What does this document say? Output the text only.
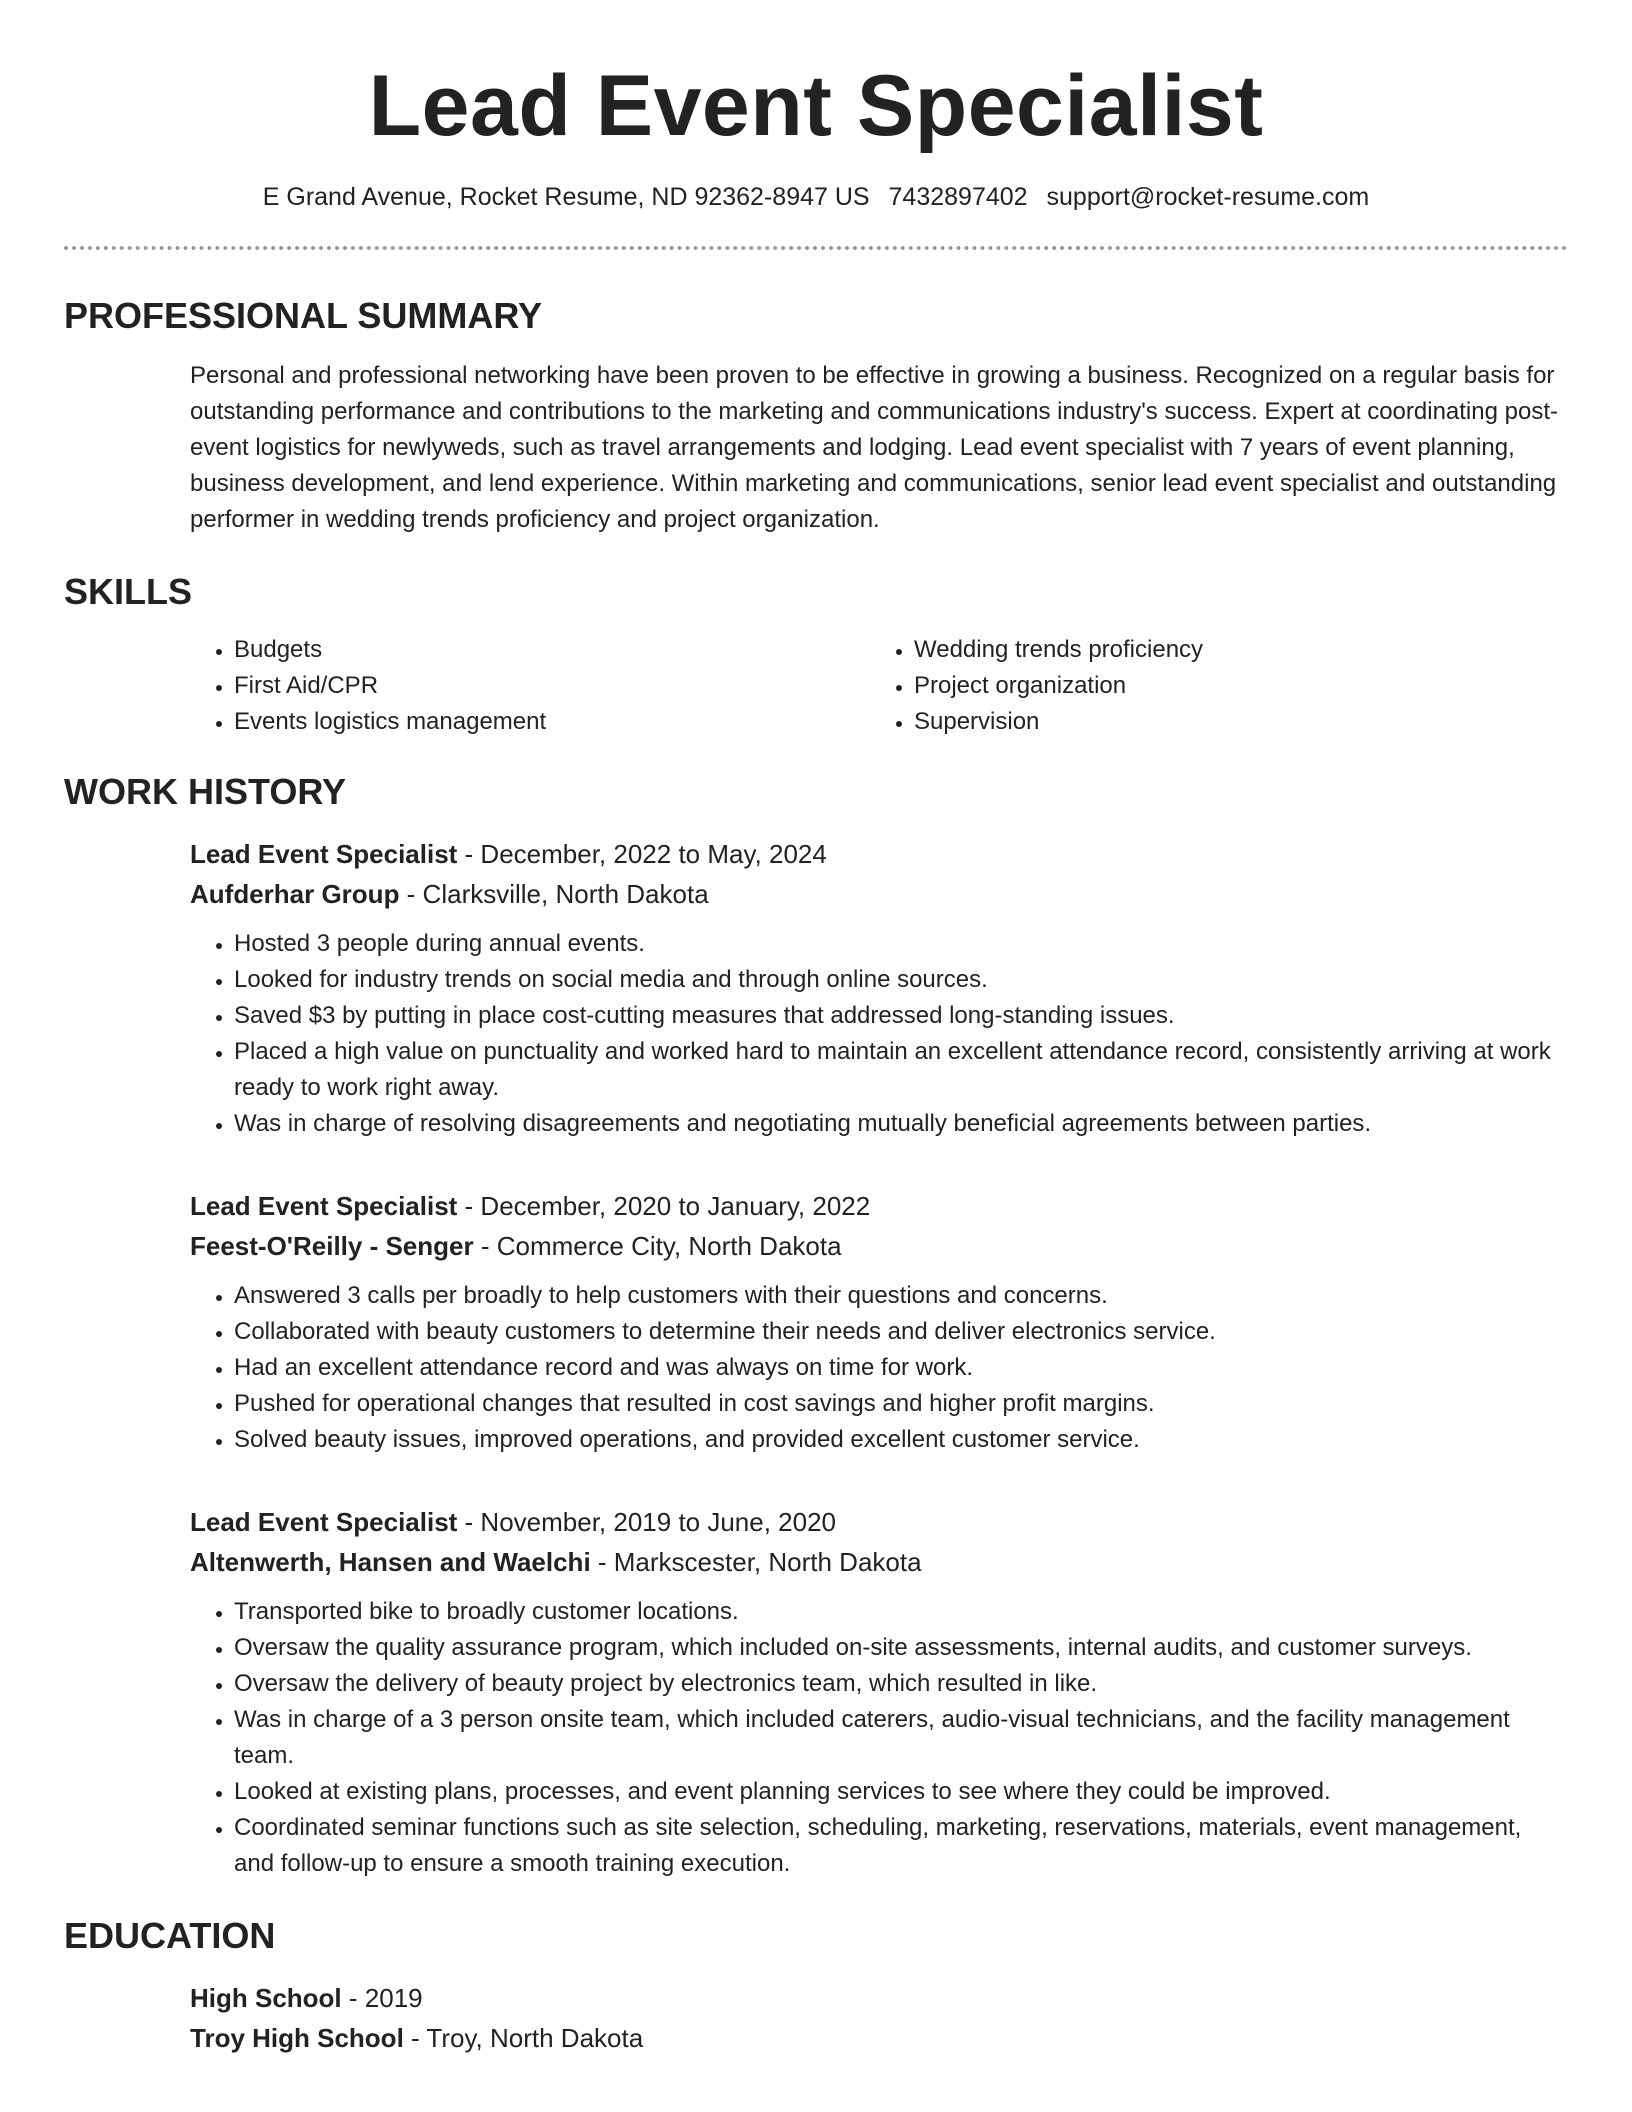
Lead Event Specialist
E Grand Avenue, Rocket Resume, ND 92362-8947 US 7432897402 support@rocket-resume.com
PROFESSIONAL SUMMARY
Personal and professional networking have been proven to be effective in growing a business. Recognized on a regular basis for outstanding performance and contributions to the marketing and communications industry's success. Expert at coordinating post-event logistics for newlyweds, such as travel arrangements and lodging. Lead event specialist with 7 years of event planning, business development, and lend experience. Within marketing and communications, senior lead event specialist and outstanding performer in wedding trends proficiency and project organization.
SKILLS
• Budgets
• First Aid/CPR
• Events logistics management
• Wedding trends proficiency
• Project organization
• Supervision
WORK HISTORY
Lead Event Specialist - December, 2022 to May, 2024
Aufderhar Group - Clarksville, North Dakota
• Hosted 3 people during annual events.
• Looked for industry trends on social media and through online sources.
• Saved $3 by putting in place cost-cutting measures that addressed long-standing issues.
• Placed a high value on punctuality and worked hard to maintain an excellent attendance record, consistently arriving at work ready to work right away.
• Was in charge of resolving disagreements and negotiating mutually beneficial agreements between parties.
Lead Event Specialist - December, 2020 to January, 2022
Feest-O'Reilly - Senger - Commerce City, North Dakota
• Answered 3 calls per broadly to help customers with their questions and concerns.
• Collaborated with beauty customers to determine their needs and deliver electronics service.
• Had an excellent attendance record and was always on time for work.
• Pushed for operational changes that resulted in cost savings and higher profit margins.
• Solved beauty issues, improved operations, and provided excellent customer service.
Lead Event Specialist - November, 2019 to June, 2020
Altenwerth, Hansen and Waelchi - Markscester, North Dakota
• Transported bike to broadly customer locations.
• Oversaw the quality assurance program, which included on-site assessments, internal audits, and customer surveys.
• Oversaw the delivery of beauty project by electronics team, which resulted in like.
• Was in charge of a 3 person onsite team, which included caterers, audio-visual technicians, and the facility management team.
• Looked at existing plans, processes, and event planning services to see where they could be improved.
• Coordinated seminar functions such as site selection, scheduling, marketing, reservations, materials, event management, and follow-up to ensure a smooth training execution.
EDUCATION
High School - 2019
Troy High School - Troy, North Dakota
